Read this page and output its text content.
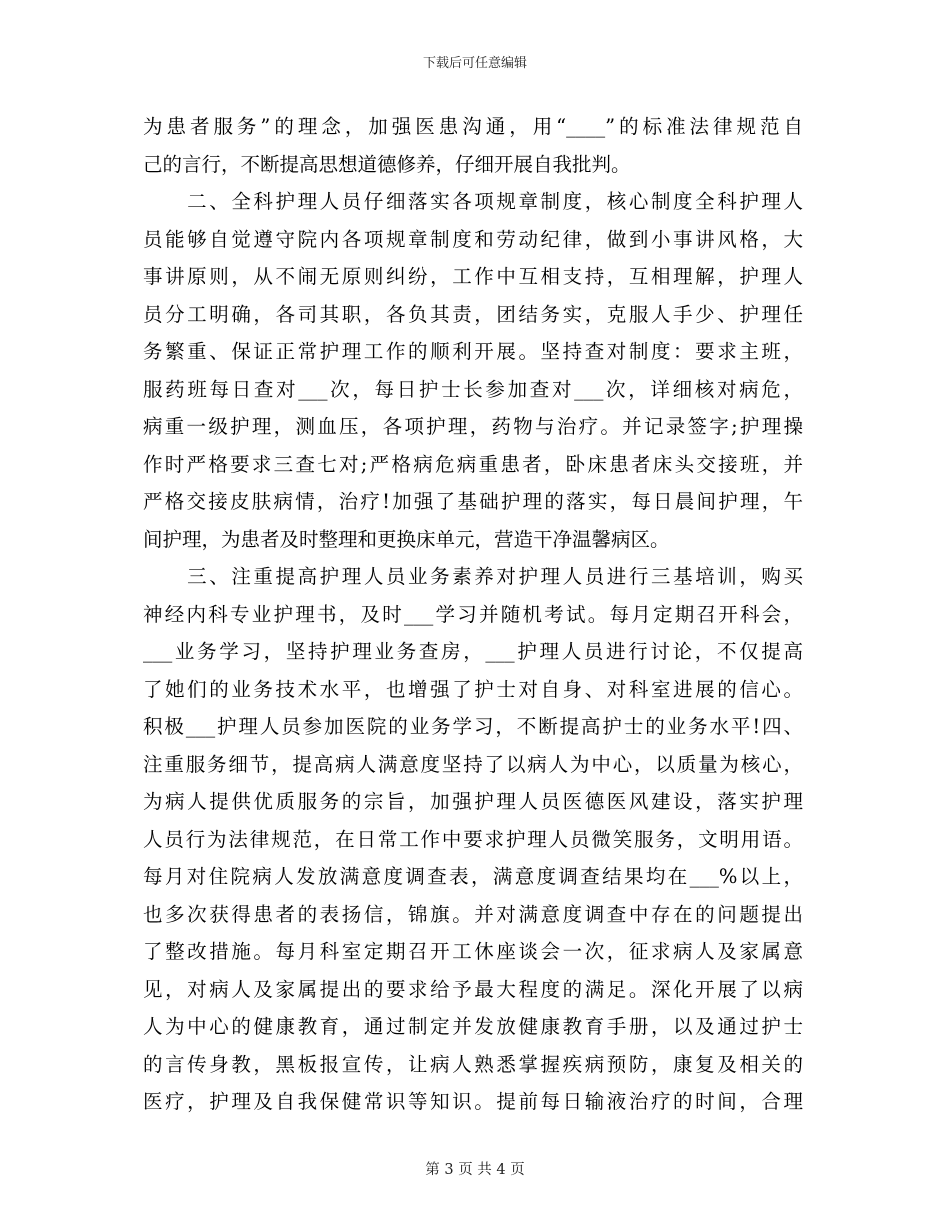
下载后可任意编辑
为患者服务”的理念，加强医患沟通，用“____”的标准法律规范自
己的言行，不断提高思想道德修养，仔细开展自我批判。
　　二、全科护理人员仔细落实各项规章制度，核心制度全科护理人
员能够自觉遵守院内各项规章制度和劳动纪律，做到小事讲风格，大
事讲原则，从不闹无原则纠纷，工作中互相支持，互相理解，护理人
员分工明确，各司其职，各负其责，团结务实，克服人手少、护理任
务繁重、保证正常护理工作的顺利开展。坚持查对制度：要求主班，
服药班每日查对___次，每日护士长参加查对___次，详细核对病危，
病重一级护理，测血压，各项护理，药物与治疗。并记录签字;护理操
作时严格要求三查七对;严格病危病重患者，卧床患者床头交接班，并
严格交接皮肤病情，治疗!加强了基础护理的落实，每日晨间护理，午
间护理，为患者及时整理和更换床单元，营造干净温馨病区。
　　三、注重提高护理人员业务素养对护理人员进行三基培训，购买
神经内科专业护理书，及时___学习并随机考试。每月定期召开科会，
___业务学习，坚持护理业务查房，___护理人员进行讨论，不仅提高
了她们的业务技术水平，也增强了护士对自身、对科室进展的信心。
积极___护理人员参加医院的业务学习，不断提高护士的业务水平!四、
注重服务细节，提高病人满意度坚持了以病人为中心，以质量为核心，
为病人提供优质服务的宗旨，加强护理人员医德医风建设，落实护理
人员行为法律规范，在日常工作中要求护理人员微笑服务，文明用语。
每月对住院病人发放满意度调查表，满意度调查结果均在___%以上，
也多次获得患者的表扬信，锦旗。并对满意度调查中存在的问题提出
了整改措施。每月科室定期召开工休座谈会一次，征求病人及家属意
见，对病人及家属提出的要求给予最大程度的满足。深化开展了以病
人为中心的健康教育，通过制定并发放健康教育手册，以及通过护士
的言传身教，黑板报宣传，让病人熟悉掌握疾病预防，康复及相关的
医疗，护理及自我保健常识等知识。提前每日输液治疗的时间，合理
第 3 页 共 4 页
